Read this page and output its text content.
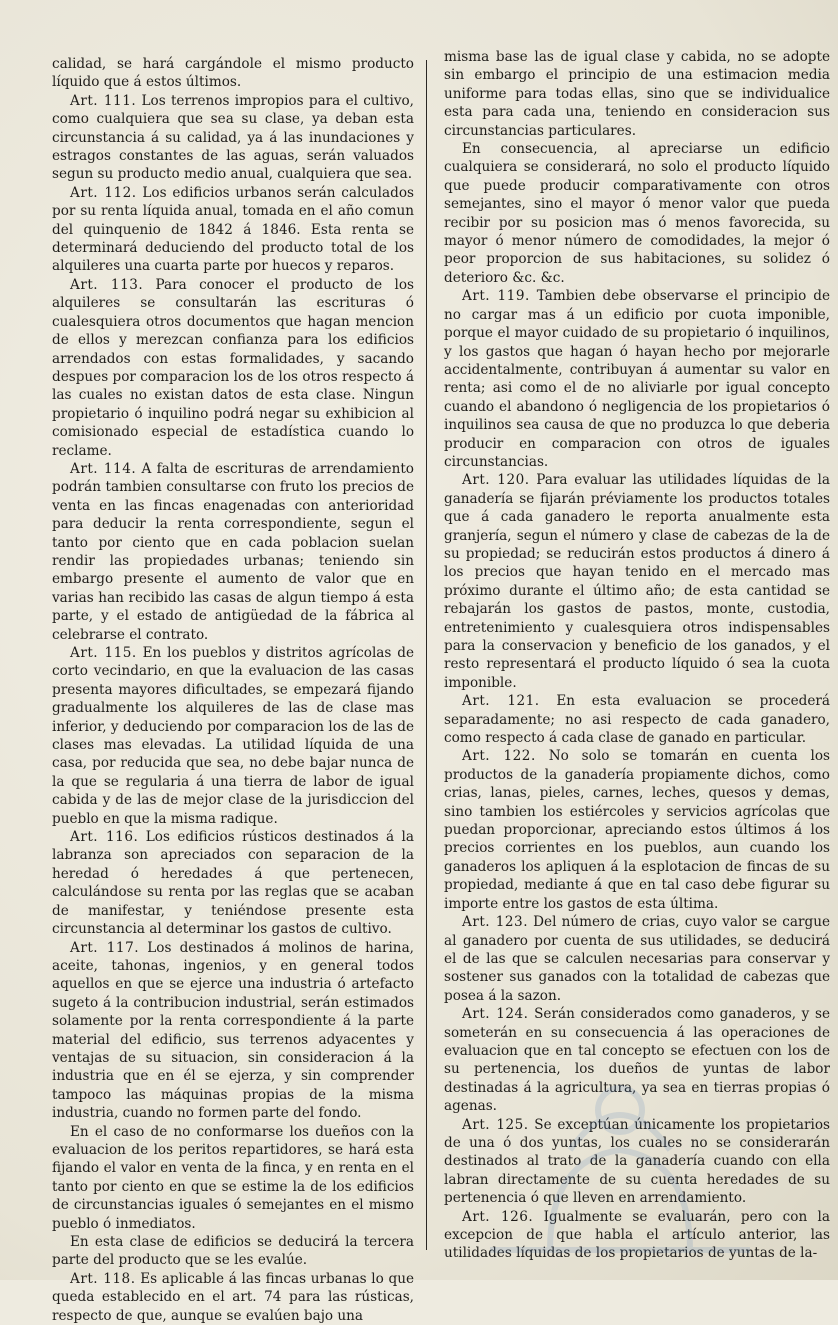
calidad, se hará cargándole el mismo producto líquido que á estos últimos.

Art. 111. Los terrenos impropios para el cultivo, como cualquiera que sea su clase, ya deban esta circunstancia á su calidad, ya á las inundaciones y estragos constantes de las aguas, serán valuados segun su producto medio anual, cualquiera que sea.

Art. 112. Los edificios urbanos serán calculados por su renta líquida anual, tomada en el año comun del quinquenio de 1842 á 1846. Esta renta se determinará deduciendo del producto total de los alquileres una cuarta parte por huecos y reparos.

Art. 113. Para conocer el producto de los alquileres se consultarán las escrituras ó cualesquiera otros documentos que hagan mencion de ellos y merezcan confianza para los edificios arrendados con estas formalidades, y sacando despues por comparacion los de los otros respecto á las cuales no existan datos de esta clase. Ningun propietario ó inquilino podrá negar su exhibicion al comisionado especial de estadística cuando lo reclame.

Art. 114. A falta de escrituras de arrendamiento podrán tambien consultarse con fruto los precios de venta en las fincas enagenadas con anterioridad para deducir la renta correspondiente, segun el tanto por ciento que en cada poblacion suelan rendir las propiedades urbanas; teniendo sin embargo presente el aumento de valor que en varias han recibido las casas de algun tiempo á esta parte, y el estado de antigüedad de la fábrica al celebrarse el contrato.

Art. 115. En los pueblos y distritos agrícolas de corto vecindario, en que la evaluacion de las casas presenta mayores dificultades, se empezará fijando gradualmente los alquileres de las de clase mas inferior, y deduciendo por comparacion los de las de clases mas elevadas. La utilidad líquida de una casa, por reducida que sea, no debe bajar nunca de la que se regularia á una tierra de labor de igual cabida y de las de mejor clase de la jurisdiccion del pueblo en que la misma radique.

Art. 116. Los edificios rústicos destinados á la labranza son apreciados con separacion de la heredad ó heredades á que pertenecen, calculándose su renta por las reglas que se acaban de manifestar, y teniéndose presente esta circunstancia al determinar los gastos de cultivo.

Art. 117. Los destinados á molinos de harina, aceite, tahonas, ingenios, y en general todos aquellos en que se ejerce una industria ó artefacto sugeto á la contribucion industrial, serán estimados solamente por la renta correspondiente á la parte material del edificio, sus terrenos adyacentes y ventajas de su situacion, sin consideracion á la industria que en él se ejerza, y sin comprender tampoco las máquinas propias de la misma industria, cuando no formen parte del fondo.

En el caso de no conformarse los dueños con la evaluacion de los peritos repartidores, se hará esta fijando el valor en venta de la finca, y en renta en el tanto por ciento en que se estime la de los edificios de circunstancias iguales ó semejantes en el mismo pueblo ó inmediatos.

En esta clase de edificios se deducirá la tercera parte del producto que se les evalúe.

Art. 118. Es aplicable á las fincas urbanas lo que queda establecido en el art. 74 para las rústicas, respecto de que, aunque se evalúen bajo una

misma base las de igual clase y cabida, no se adopte sin embargo el principio de una estimacion media uniforme para todas ellas, sino que se individualice esta para cada una, teniendo en consideracion sus circunstancias particulares.

En consecuencia, al apreciarse un edificio cualquiera se considerará, no solo el producto líquido que puede producir comparativamente con otros semejantes, sino el mayor ó menor valor que pueda recibir por su posicion mas ó menos favorecida, su mayor ó menor número de comodidades, la mejor ó peor proporcion de sus habitaciones, su solidez ó deterioro &c. &c.

Art. 119. Tambien debe observarse el principio de no cargar mas á un edificio por cuota imponible, porque el mayor cuidado de su propietario ó inquilinos, y los gastos que hagan ó hayan hecho por mejorarle accidentalmente, contribuyan á aumentar su valor en renta; asi como el de no aliviarle por igual concepto cuando el abandono ó negligencia de los propietarios ó inquilinos sea causa de que no produzca lo que deberia producir en comparacion con otros de iguales circunstancias.

Art. 120. Para evaluar las utilidades líquidas de la ganadería se fijarán préviamente los productos totales que á cada ganadero le reporta anualmente esta granjería, segun el número y clase de cabezas de la de su propiedad; se reducirán estos productos á dinero á los precios que hayan tenido en el mercado mas próximo durante el último año; de esta cantidad se rebajarán los gastos de pastos, monte, custodia, entretenimiento y cualesquiera otros indispensables para la conservacion y beneficio de los ganados, y el resto representará el producto líquido ó sea la cuota imponible.

Art. 121. En esta evaluacion se procederá separadamente; no asi respecto de cada ganadero, como respecto á cada clase de ganado en particular.

Art. 122. No solo se tomarán en cuenta los productos de la ganadería propiamente dichos, como crias, lanas, pieles, carnes, leches, quesos y demas, sino tambien los estiércoles y servicios agrícolas que puedan proporcionar, apreciando estos últimos á los precios corrientes en los pueblos, aun cuando los ganaderos los apliquen á la esplotacion de fincas de su propiedad, mediante á que en tal caso debe figurar su importe entre los gastos de esta última.

Art. 123. Del número de crias, cuyo valor se cargue al ganadero por cuenta de sus utilidades, se deducirá el de las que se calculen necesarias para conservar y sostener sus ganados con la totalidad de cabezas que posea á la sazon.

Art. 124. Serán considerados como ganaderos, y se someterán en su consecuencia á las operaciones de evaluacion que en tal concepto se efectuen con los de su pertenencia, los dueños de yuntas de labor destinadas á la agricultura, ya sea en tierras propias ó agenas.

Art. 125. Se exceptúan únicamente los propietarios de una ó dos yuntas, los cuales no se considerarán destinados al trato de la ganadería cuando con ella labran directamente de su cuenta heredades de su pertenencia ó que lleven en arrendamiento.

Art. 126. Igualmente se evaluarán, pero con la excepcion de que habla el artículo anterior, las utilidades líquidas de los propietarios de yuntas de la-
